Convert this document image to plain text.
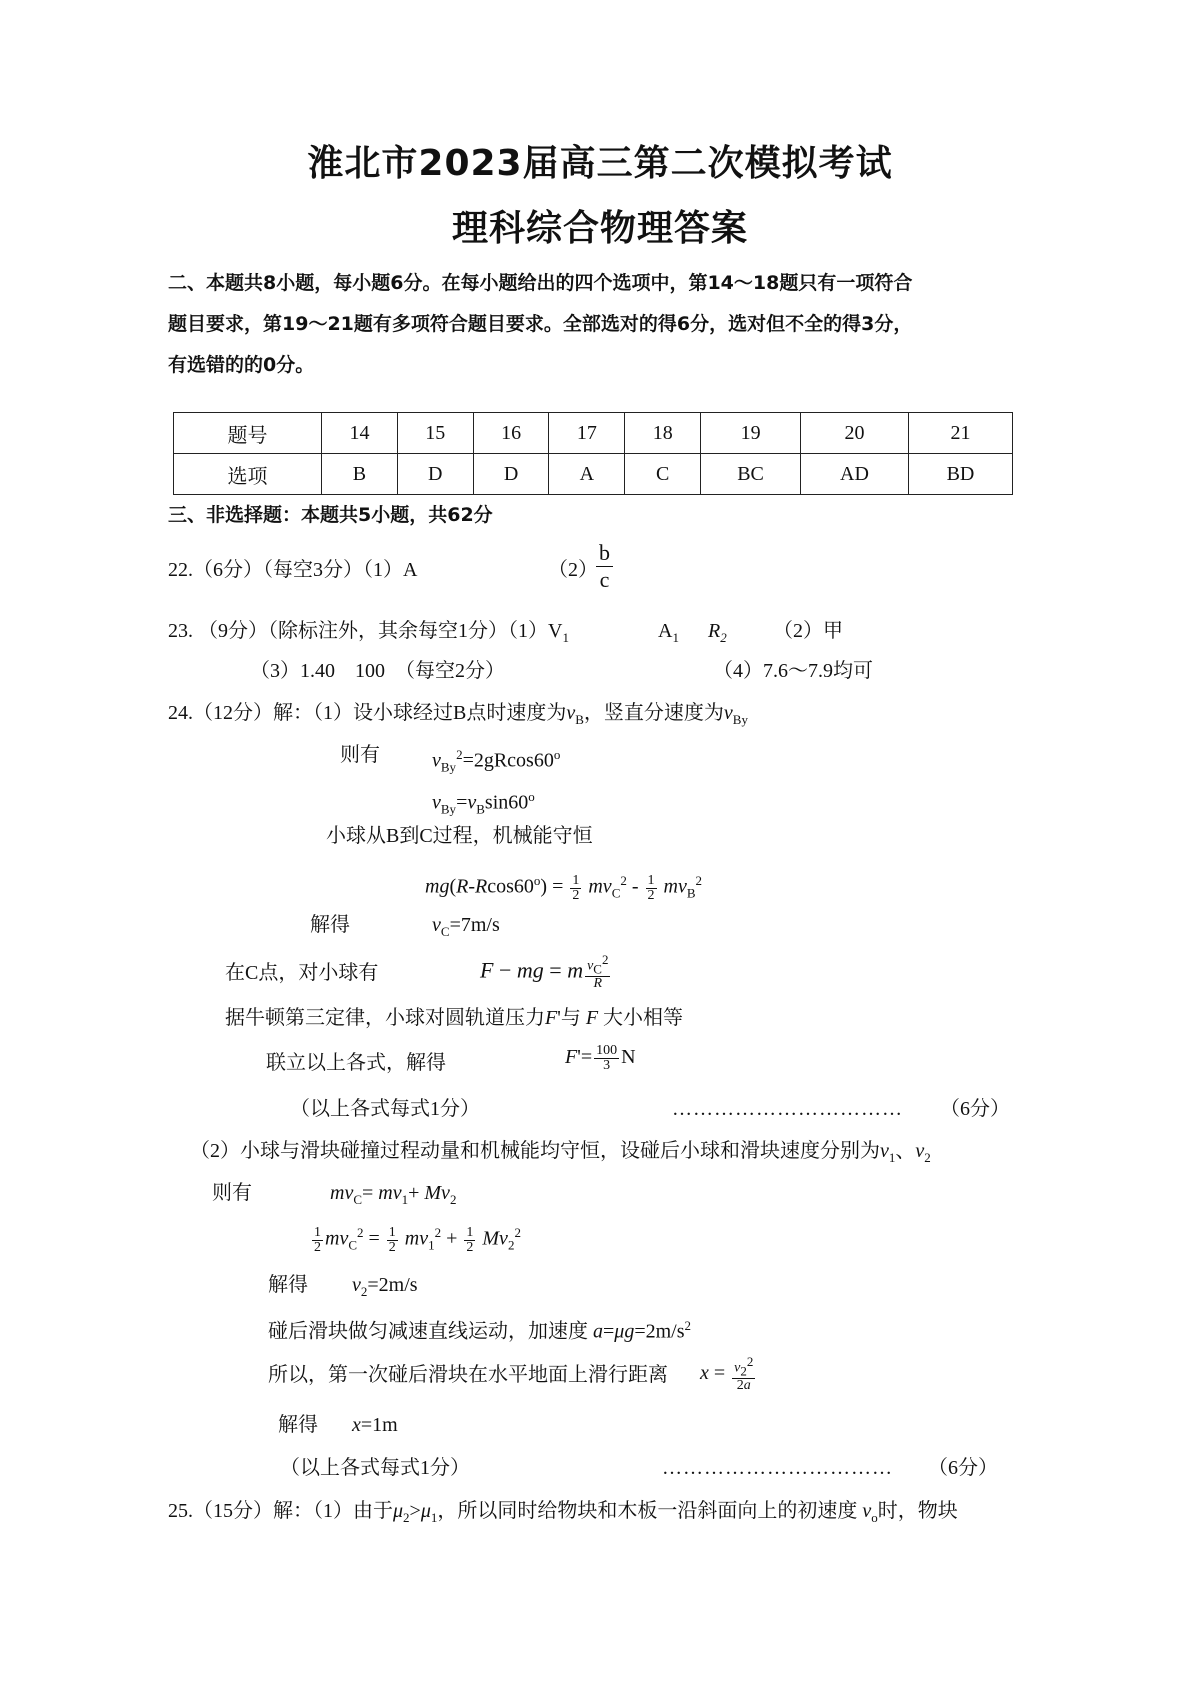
淮北市2023届高三第二次模拟考试
理科综合物理答案
二、本题共8小题，每小题6分。在每小题给出的四个选项中，第14～18题只有一项符合
题目要求，第19～21题有多项符合题目要求。全部选对的得6分，选对但不全的得3分，
有选错的的0分。
题号	14	15	16	17	18	19	20	21
选项	B	D	D	A	C	BC	AD	BD
三、非选择题：本题共5小题，共62分
22.（6分）（每空3分）（1）A	（2）
$\frac{b}{c}$
23. （9分）（除标注外，其余每空1分）$(1)V_1$	$A_1$ $R_2$ （2）甲
（3）1.40　100　（每空2分）	（4）7.6～7.9均可
24.（12分）解：（1）设小球经过B点时速度为$v_B$，竖直分速度为$v_{By}$
则有	$v_{By}^2=2gRcos60^o$
$v_{By}=v_B\sin 60^o$
小球从B到C过程，机械能守恒
$mg(R-Rcos60^o) = \frac{1}{2} mv_C^2 - \frac{1}{2} mv_B^2$
解得	$v_C=7m/s$
在C点，对小球有	F − mg = m $\frac{v_C^2}{R}$
据牛顿第三定律，小球对圆轨道压力F'与 F 大小相等
联立以上各式，解得	$F'= \frac{100}{3}$ N
（以上各式每式1分）	…………………………… （6分）
（2）小球与滑块碰撞过程动量和机械能均守恒，设碰后小球和滑块速度分别为$v_1$、$v_2$
则有	$mv_C= mv_1+ Mv_2$
$\frac{1}{2} mv_C^2 = \frac{1}{2} mv_1^2 + \frac{1}{2} Mv_2^2$
解得 $v_2=2m/s$
碰后滑块做匀减速直线运动，加速度 $a=\mu g=2m/s^2$
所以，第一次碰后滑块在水平地面上滑行距离 $x = \frac{v_2^2}{2a}$
解得 x=1m
（以上各式每式1分）	…………………………… （6分）
25.（15分）解：（1）由于$\mu_2>\mu_1$，所以同时给物块和木板一沿斜面向上的初速度 $v_o$时，物块
